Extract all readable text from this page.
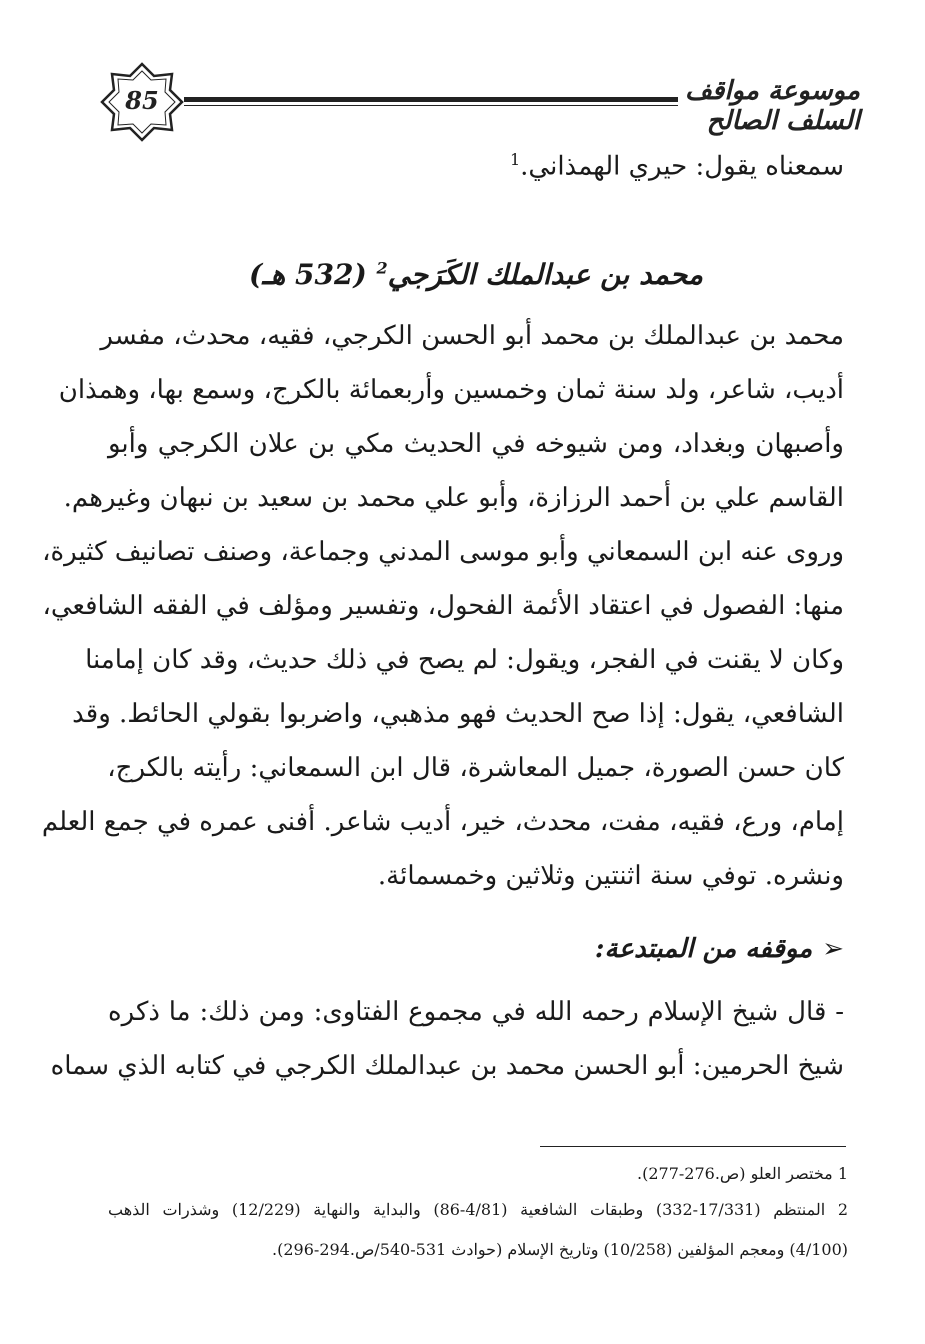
85	موسوعة مواقف السلف الصالح
سمعناه يقول: حيري الهمذاني.$^1$
محمد بن عبدالملك الكَرَجي$^2$ (532 هـ)
محمد بن عبدالملك بن محمد أبو الحسن الكرجي، فقيه، محدث، مفسر
أديب، شاعر، ولد سنة ثمان وخمسين وأربعمائة بالكرج، وسمع بها، وهمذان
وأصبهان وبغداد، ومن شيوخه في الحديث مكي بن علان الكرجي وأبو
القاسم علي بن أحمد الرزازة، وأبو علي محمد بن سعيد بن نبهان وغيرهم.
وروى عنه ابن السمعاني وأبو موسى المدني وجماعة، وصنف تصانيف كثيرة،
منها: الفصول في اعتقاد الأئمة الفحول، وتفسير ومؤلف في الفقه الشافعي،
وكان لا يقنت في الفجر، ويقول: لم يصح في ذلك حديث، وقد كان إمامنا
الشافعي، يقول: إذا صح الحديث فهو مذهبي، واضربوا بقولي الحائط. وقد
كان حسن الصورة، جميل المعاشرة، قال ابن السمعاني: رأيته بالكرج،
إمام، ورع، فقيه، مفت، محدث، خير، أديب شاعر. أفنى عمره في جمع العلم
ونشره. توفي سنة اثنتين وثلاثين وخمسمائة.
➢موقفه من المبتدعة:
- قال شيخ الإسلام رحمه الله في مجموع الفتاوى: ومن ذلك: ما ذكره
شيخ الحرمين: أبو الحسن محمد بن عبدالملك الكرجي في كتابه الذي سماه
1 مختصر العلو (ص.276-277).
2 المنتظم (17/331-332) وطبقات الشافعية (4/81-86) والبداية والنهاية (12/229) وشذرات الذهب
(4/100) ومعجم المؤلفين (10/258) وتاريخ الإسلام (حوادث 531-540/ص.294-296).
